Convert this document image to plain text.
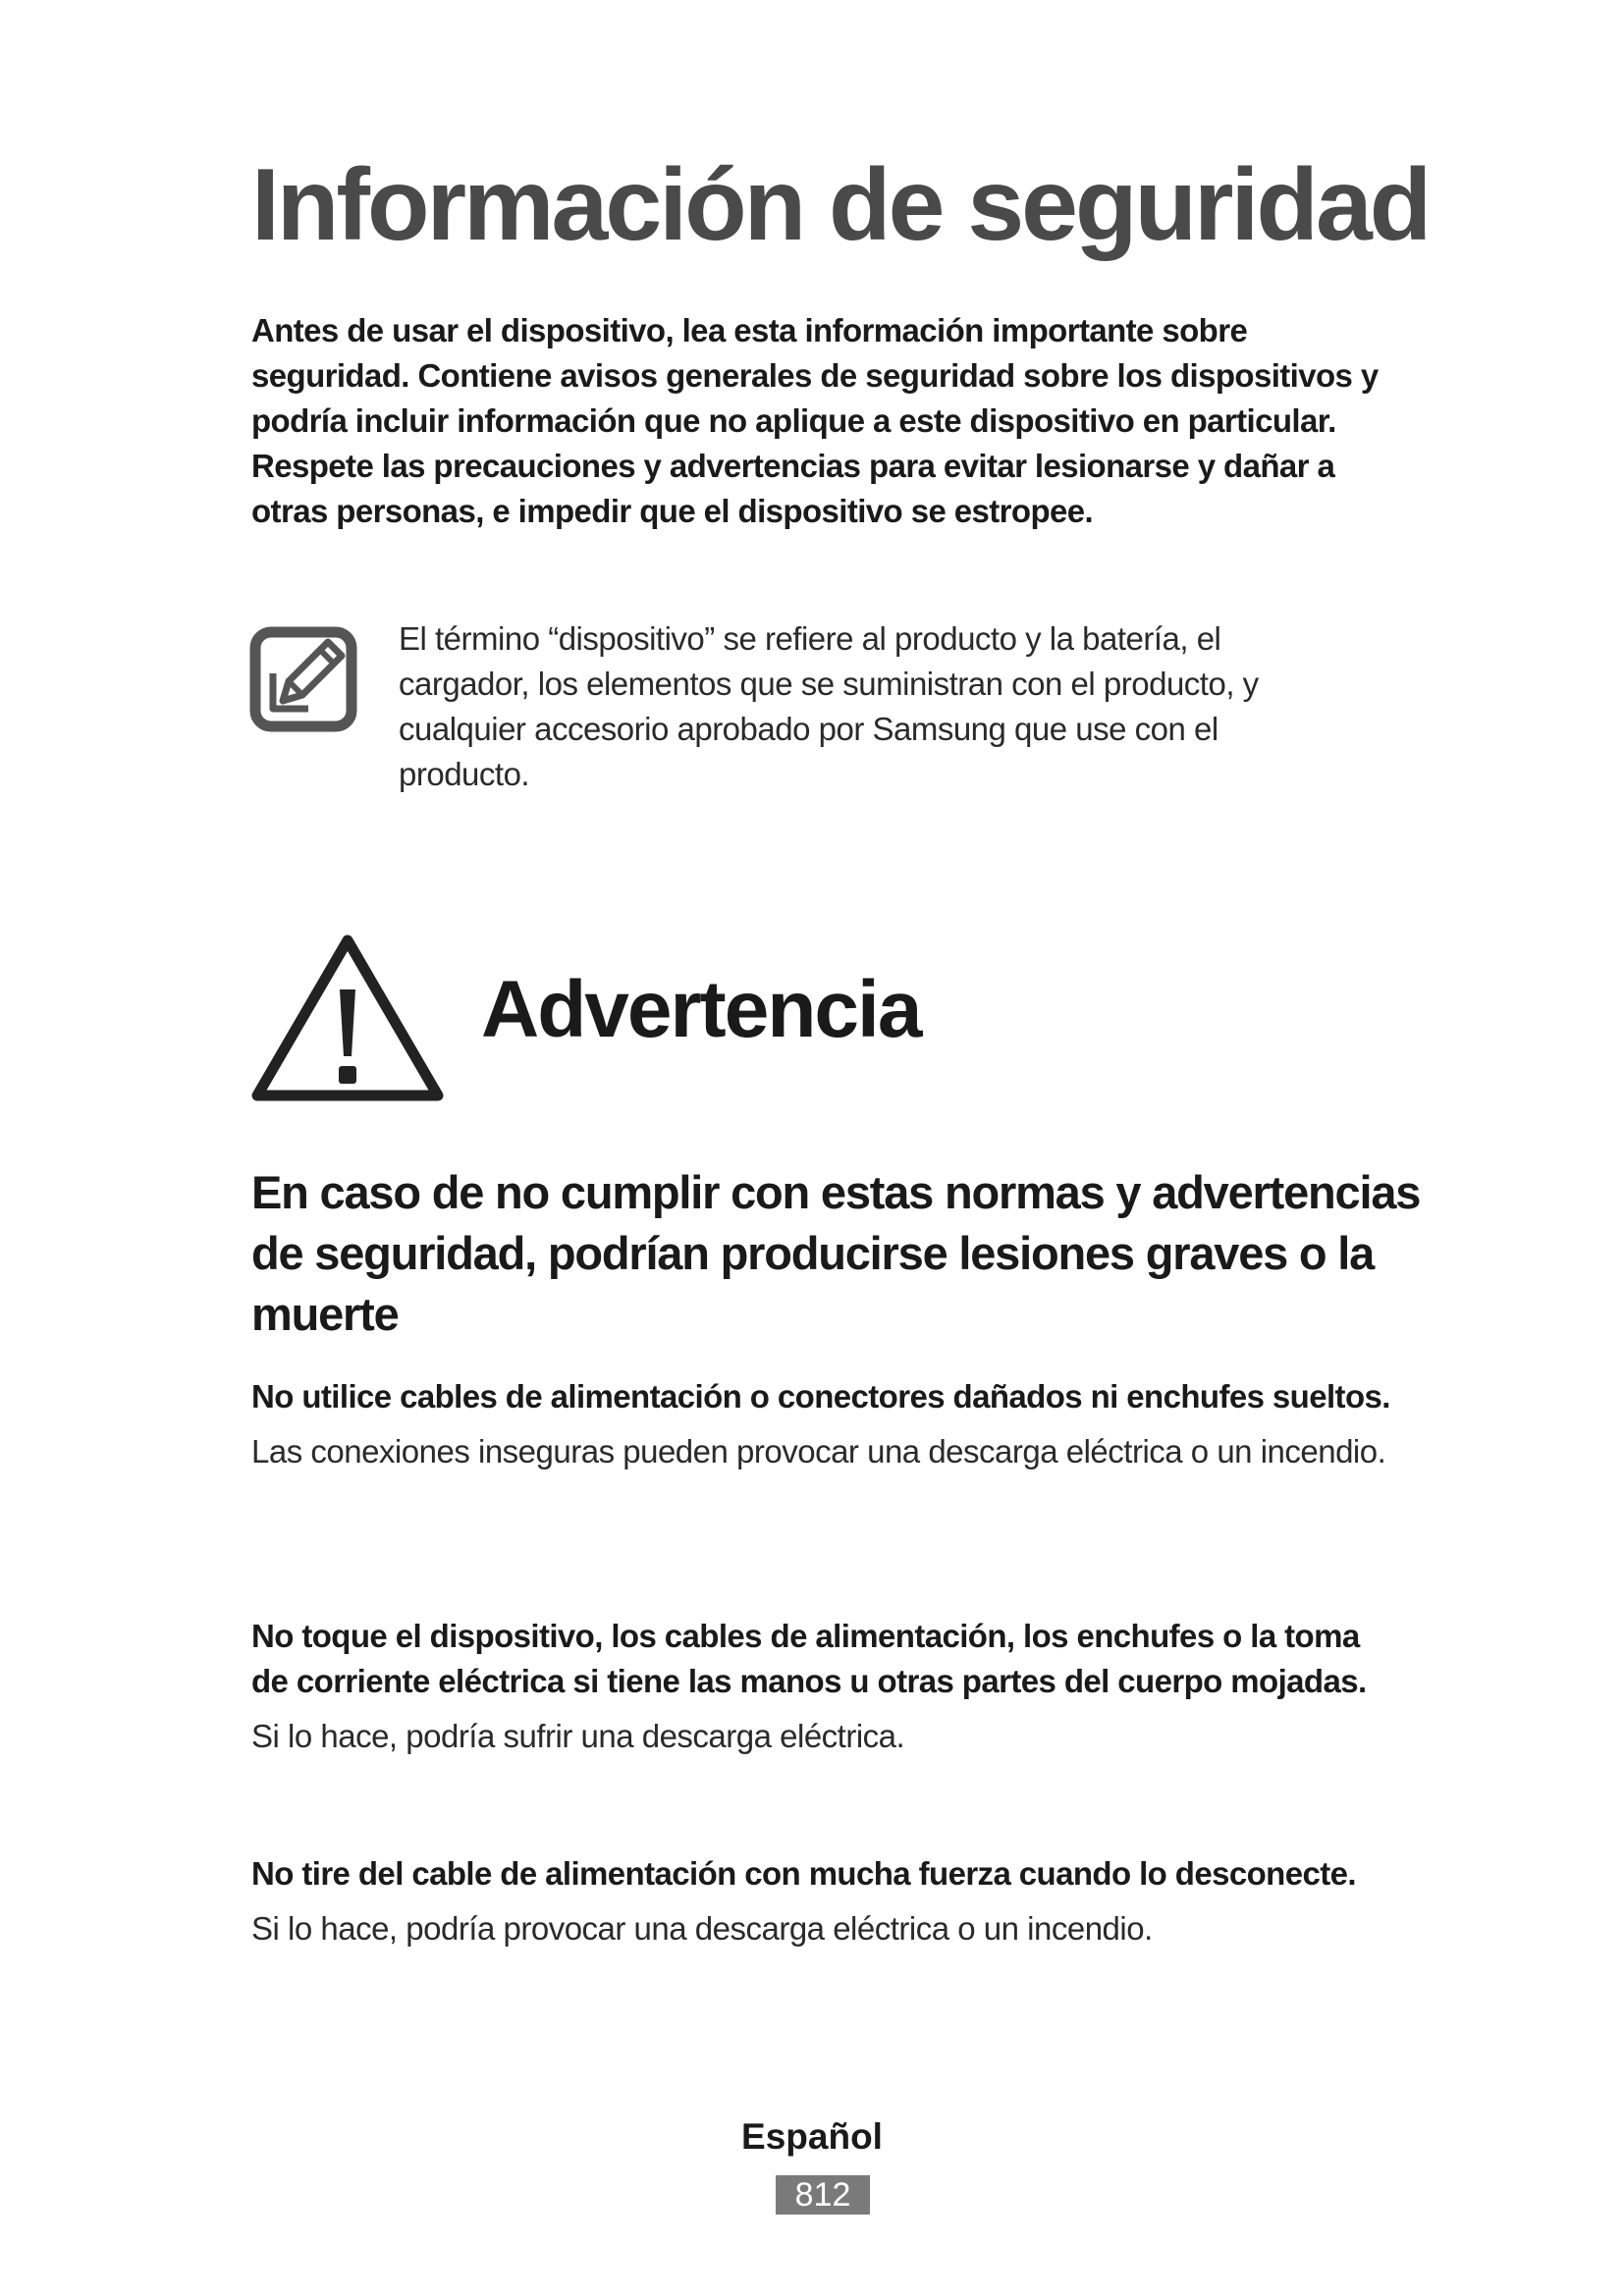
Información de seguridad

Antes de usar el dispositivo, lea esta información importante sobre seguridad. Contiene avisos generales de seguridad sobre los dispositivos y podría incluir información que no aplique a este dispositivo en particular. Respete las precauciones y advertencias para evitar lesionarse y dañar a otras personas, e impedir que el dispositivo se estropee.

El término “dispositivo” se refiere al producto y la batería, el cargador, los elementos que se suministran con el producto, y cualquier accesorio aprobado por Samsung que use con el producto.

Advertencia
En caso de no cumplir con estas normas y advertencias de seguridad, podrían producirse lesiones graves o la muerte

No utilice cables de alimentación o conectores dañados ni enchufes sueltos.

Las conexiones inseguras pueden provocar una descarga eléctrica o un incendio.

No toque el dispositivo, los cables de alimentación, los enchufes o la toma de corriente eléctrica si tiene las manos u otras partes del cuerpo mojadas.

Si lo hace, podría sufrir una descarga eléctrica.

No tire del cable de alimentación con mucha fuerza cuando lo desconecte.

Si lo hace, podría provocar una descarga eléctrica o un incendio.

Español

812
